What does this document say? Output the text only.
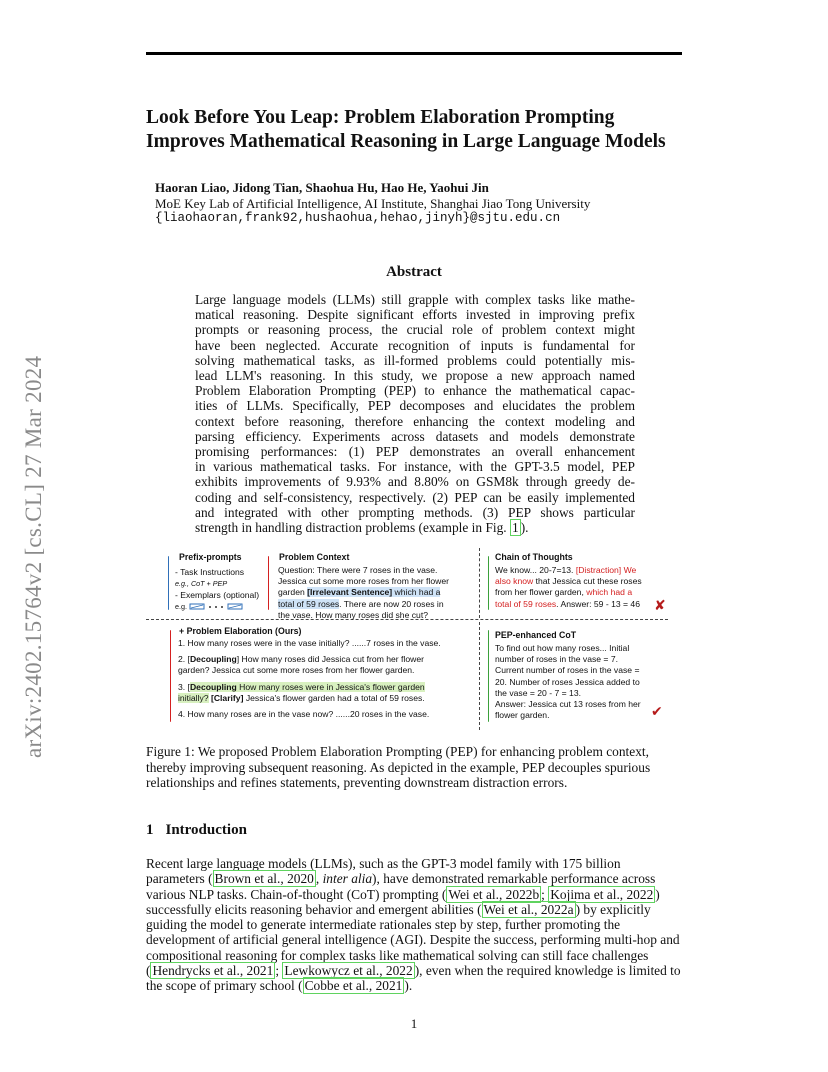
arXiv:2402.15764v2 [cs.CL] 27 Mar 2024
Look Before You Leap: Problem Elaboration Prompting Improves Mathematical Reasoning in Large Language Models
Haoran Liao, Jidong Tian, Shaohua Hu, Hao He, Yaohui Jin
MoE Key Lab of Artificial Intelligence, AI Institute, Shanghai Jiao Tong University
{liaohaoran,frank92,hushaohua,hehao,jinyh}@sjtu.edu.cn
Abstract
Large language models (LLMs) still grapple with complex tasks like mathe-
matical reasoning. Despite significant efforts invested in improving prefix
prompts or reasoning process, the crucial role of problem context might
have been neglected. Accurate recognition of inputs is fundamental for
solving mathematical tasks, as ill-formed problems could potentially mis-
lead LLM's reasoning. In this study, we propose a new approach named
Problem Elaboration Prompting (PEP) to enhance the mathematical capac-
ities of LLMs. Specifically, PEP decomposes and elucidates the problem
context before reasoning, therefore enhancing the context modeling and
parsing efficiency. Experiments across datasets and models demonstrate
promising performances: (1) PEP demonstrates an overall enhancement
in various mathematical tasks. For instance, with the GPT-3.5 model, PEP
exhibits improvements of 9.93% and 8.80% on GSM8k through greedy de-
coding and self-consistency, respectively. (2) PEP can be easily implemented
and integrated with other prompting methods. (3) PEP shows particular
strength in handling distraction problems (example in Fig. 1 ).
Prefix-prompts
- Task Instructions
e.g., CoT + PEP
- Exemplars (optional)
e.g.
Problem Context
Question: There were 7 roses in the vase.
Jessica cut some more roses from her flower
garden [Irrelevant Sentence] which had a
total of 59 roses. There are now 20 roses in
the vase. How many roses did she cut?
Chain of Thoughts
We know... 20-7=13. [Distraction] We
also know that Jessica cut these roses
from her flower garden, which had a
total of 59 roses. Answer: 59 - 13 = 46	✘
+ Problem Elaboration (Ours)
1. How many roses were in the vase initially? ......7 roses in the vase.
2. [Decoupling] How many roses did Jessica cut from her flower
garden? Jessica cut some more roses from her flower garden.
3. [Decoupling How many roses were in Jessica's flower garden
initially? [Clarify] Jessica's flower garden had a total of 59 roses.
4. How many roses are in the vase now? ......20 roses in the vase.
PEP-enhanced CoT
To find out how many roses... Initial
number of roses in the vase = 7.
Current number of roses in the vase =
20. Number of roses Jessica added to
the vase = 20 - 7 = 13.
Answer: Jessica cut 13 roses from her
flower garden.	✔
Figure 1: We proposed Problem Elaboration Prompting (PEP) for enhancing problem context, thereby improving subsequent reasoning. As depicted in the example, PEP decouples spurious relationships and refines statements, preventing downstream distraction errors.
1 Introduction
Recent large language models (LLMs), such as the GPT-3 model family with 175 billion parameters ( Brown et al., 2020 , inter alia), have demonstrated remarkable performance across various NLP tasks. Chain-of-thought (CoT) prompting ( Wei et al., 2022b ; Kojima et al., 2022 ) successfully elicits reasoning behavior and emergent abilities ( Wei et al., 2022a ) by explicitly guiding the model to generate intermediate rationales step by step, further promoting the development of artificial general intelligence (AGI). Despite the success, performing multi-hop and compositional reasoning for complex tasks like mathematical solving can still face challenges ( Hendrycks et al., 2021 ; Lewkowycz et al., 2022 ), even when the required knowledge is limited to the scope of primary school ( Cobbe et al., 2021 ).
1
